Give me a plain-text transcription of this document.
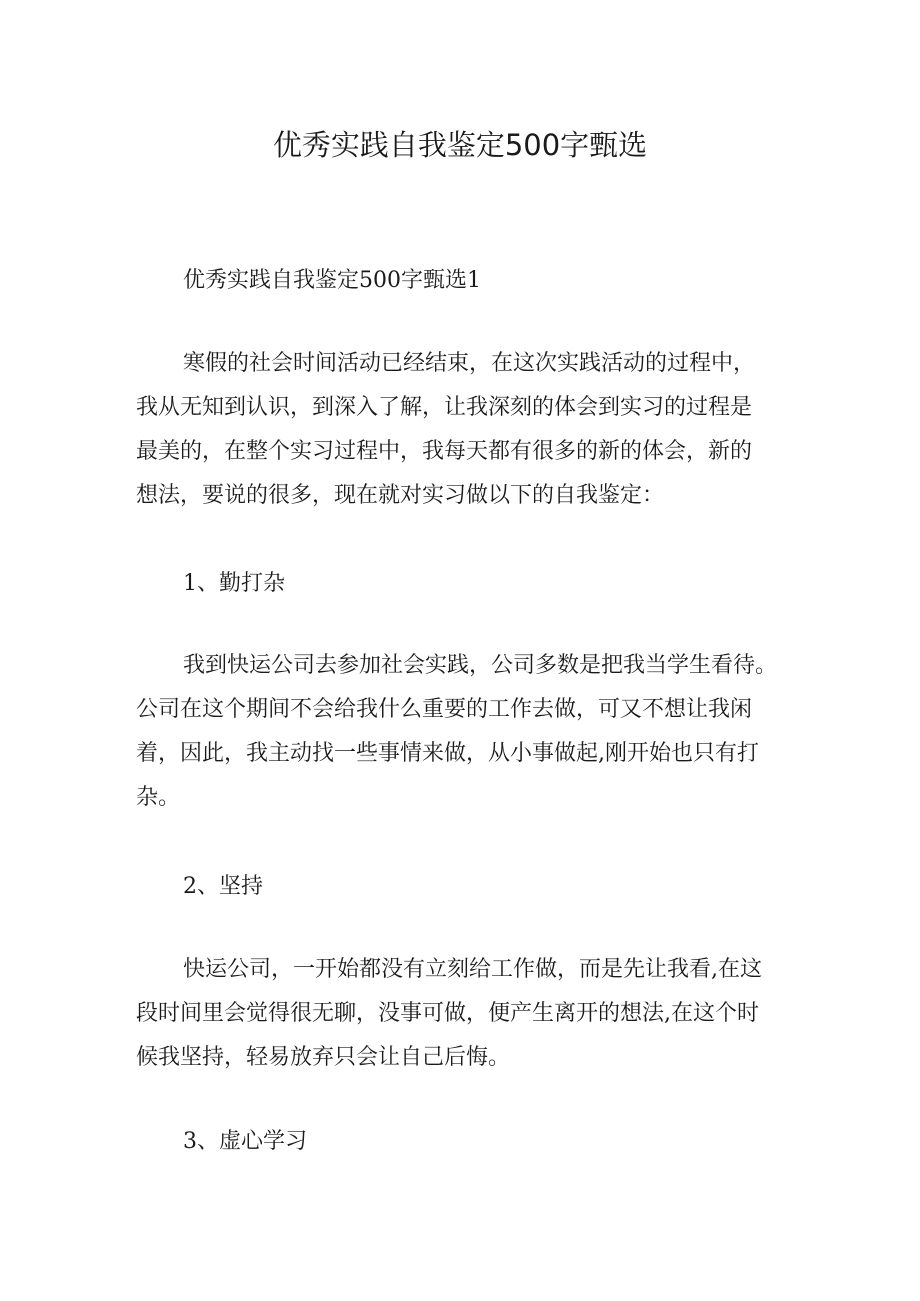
优秀实践自我鉴定500字甄选

优秀实践自我鉴定500字甄选1

寒假的社会时间活动已经结束，在这次实践活动的过程中，

我从无知到认识，到深入了解，让我深刻的体会到实习的过程是

最美的，在整个实习过程中，我每天都有很多的新的体会，新的

想法，要说的很多，现在就对实习做以下的自我鉴定：

1、勤打杂

我到快运公司去参加社会实践，公司多数是把我当学生看待。

公司在这个期间不会给我什么重要的工作去做，可又不想让我闲

着，因此，我主动找一些事情来做，从小事做起,刚开始也只有打

杂。

2、坚持

快运公司，一开始都没有立刻给工作做，而是先让我看,在这

段时间里会觉得很无聊，没事可做，便产生离开的想法,在这个时

候我坚持，轻易放弃只会让自己后悔。

3、虚心学习
